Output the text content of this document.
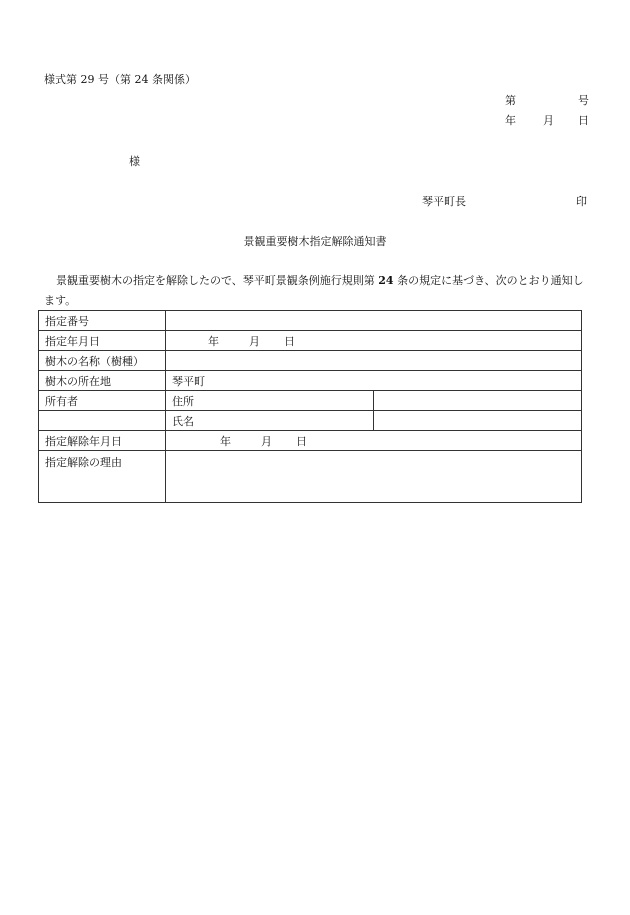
様式第 29 号（第 24 条関係）
第	号
年 月 日
様
琴平町長	印
景観重要樹木指定解除通知書
景観重要樹木の指定を解除したので、琴平町景観条例施行規則第 24 条の規定に基づき、次のとおり通知します。
指定番号		
指定年月日	年 月 日	
樹木の名称（樹種）		
樹木の所在地	琴平町	
所有者	住所	
	氏名	
指定解除年月日	年 月 日	
指定解除の理由		
